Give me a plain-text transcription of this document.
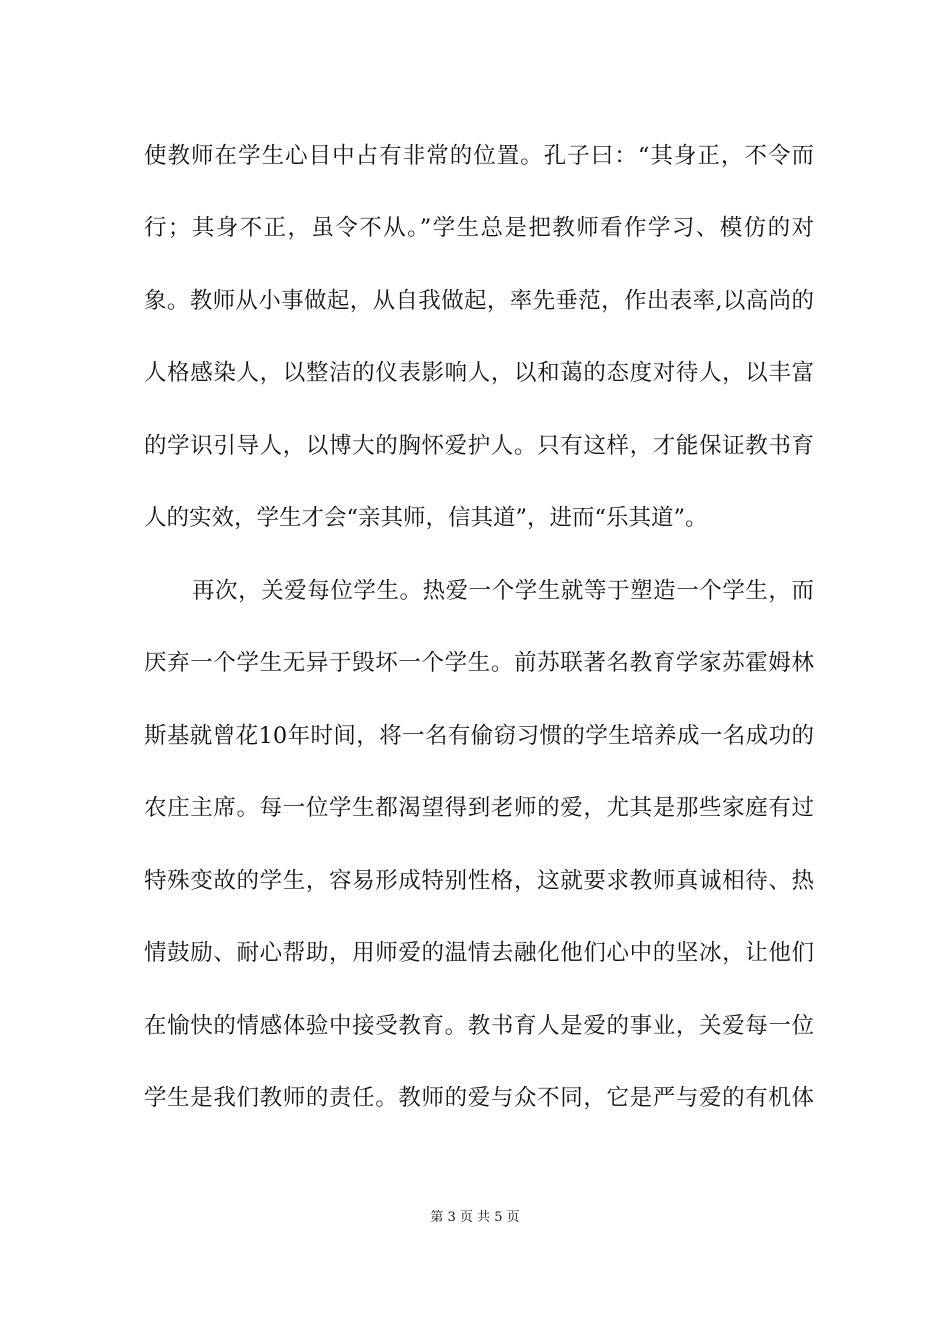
使教师在学生心目中占有非常的位置。孔子曰：“其身正，不令而
行；其身不正，虽令不从。”学生总是把教师看作学习、模仿的对
象。教师从小事做起，从自我做起，率先垂范，作出表率,以高尚的
人格感染人，以整洁的仪表影响人，以和蔼的态度对待人，以丰富
的学识引导人，以博大的胸怀爱护人。只有这样，才能保证教书育
人的实效，学生才会“亲其师，信其道”，进而“乐其道”。
再次，关爱每位学生。热爱一个学生就等于塑造一个学生，而
厌弃一个学生无异于毁坏一个学生。前苏联著名教育学家苏霍姆林
斯基就曾花10年时间，将一名有偷窃习惯的学生培养成一名成功的
农庄主席。每一位学生都渴望得到老师的爱，尤其是那些家庭有过
特殊变故的学生，容易形成特别性格，这就要求教师真诚相待、热
情鼓励、耐心帮助，用师爱的温情去融化他们心中的坚冰，让他们
在愉快的情感体验中接受教育。教书育人是爱的事业，关爱每一位
学生是我们教师的责任。教师的爱与众不同，它是严与爱的有机体
第 3 页 共 5 页
